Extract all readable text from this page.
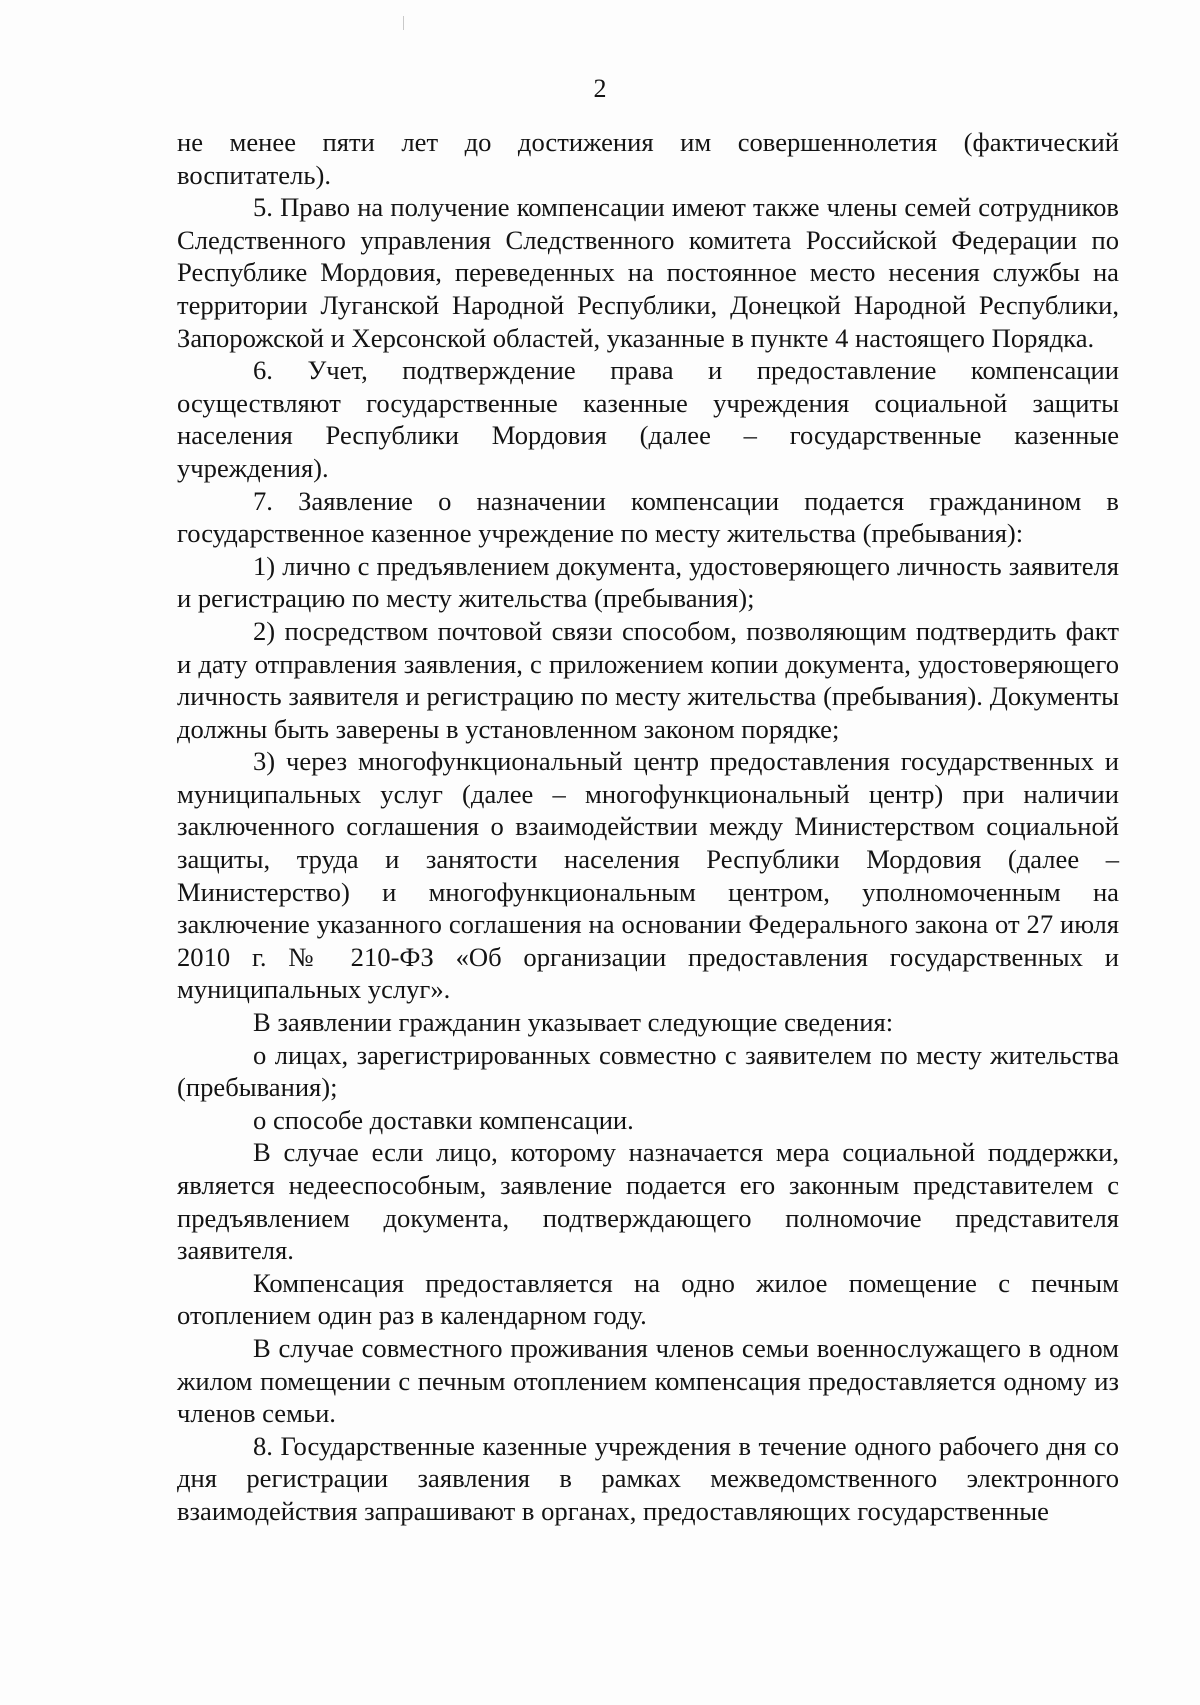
2

не менее пяти лет до достижения им совершеннолетия (фактический воспитатель).

5. Право на получение компенсации имеют также члены семей сотрудников Следственного управления Следственного комитета Российской Федерации по Республике Мордовия, переведенных на постоянное место несения службы на территории Луганской Народной Республики, Донецкой Народной Республики, Запорожской и Херсонской областей, указанные в пункте 4 настоящего Порядка.

6. Учет, подтверждение права и предоставление компенсации осуществляют государственные казенные учреждения социальной защиты населения Республики Мордовия (далее – государственные казенные учреждения).

7. Заявление о назначении компенсации подается гражданином в государственное казенное учреждение по месту жительства (пребывания):

1) лично с предъявлением документа, удостоверяющего личность заявителя и регистрацию по месту жительства (пребывания);

2) посредством почтовой связи способом, позволяющим подтвердить факт и дату отправления заявления, с приложением копии документа, удостоверяющего личность заявителя и регистрацию по месту жительства (пребывания). Документы должны быть заверены в установленном законом порядке;

3) через многофункциональный центр предоставления государственных и муниципальных услуг (далее – многофункциональный центр) при наличии заключенного соглашения о взаимодействии между Министерством социальной защиты, труда и занятости населения Республики Мордовия (далее – Министерство) и многофункциональным центром, уполномоченным на заключение указанного соглашения на основании Федерального закона от 27 июля 2010 г. № 210-ФЗ «Об организации предоставления государственных и муниципальных услуг».

В заявлении гражданин указывает следующие сведения:

о лицах, зарегистрированных совместно с заявителем по месту жительства (пребывания);

о способе доставки компенсации.

В случае если лицо, которому назначается мера социальной поддержки, является недееспособным, заявление подается его законным представителем с предъявлением документа, подтверждающего полномочие представителя заявителя.

Компенсация предоставляется на одно жилое помещение с печным отоплением один раз в календарном году.

В случае совместного проживания членов семьи военнослужащего в одном жилом помещении с печным отоплением компенсация предоставляется одному из членов семьи.

8. Государственные казенные учреждения в течение одного рабочего дня со дня регистрации заявления в рамках межведомственного электронного взаимодействия запрашивают в органах, предоставляющих государственные
